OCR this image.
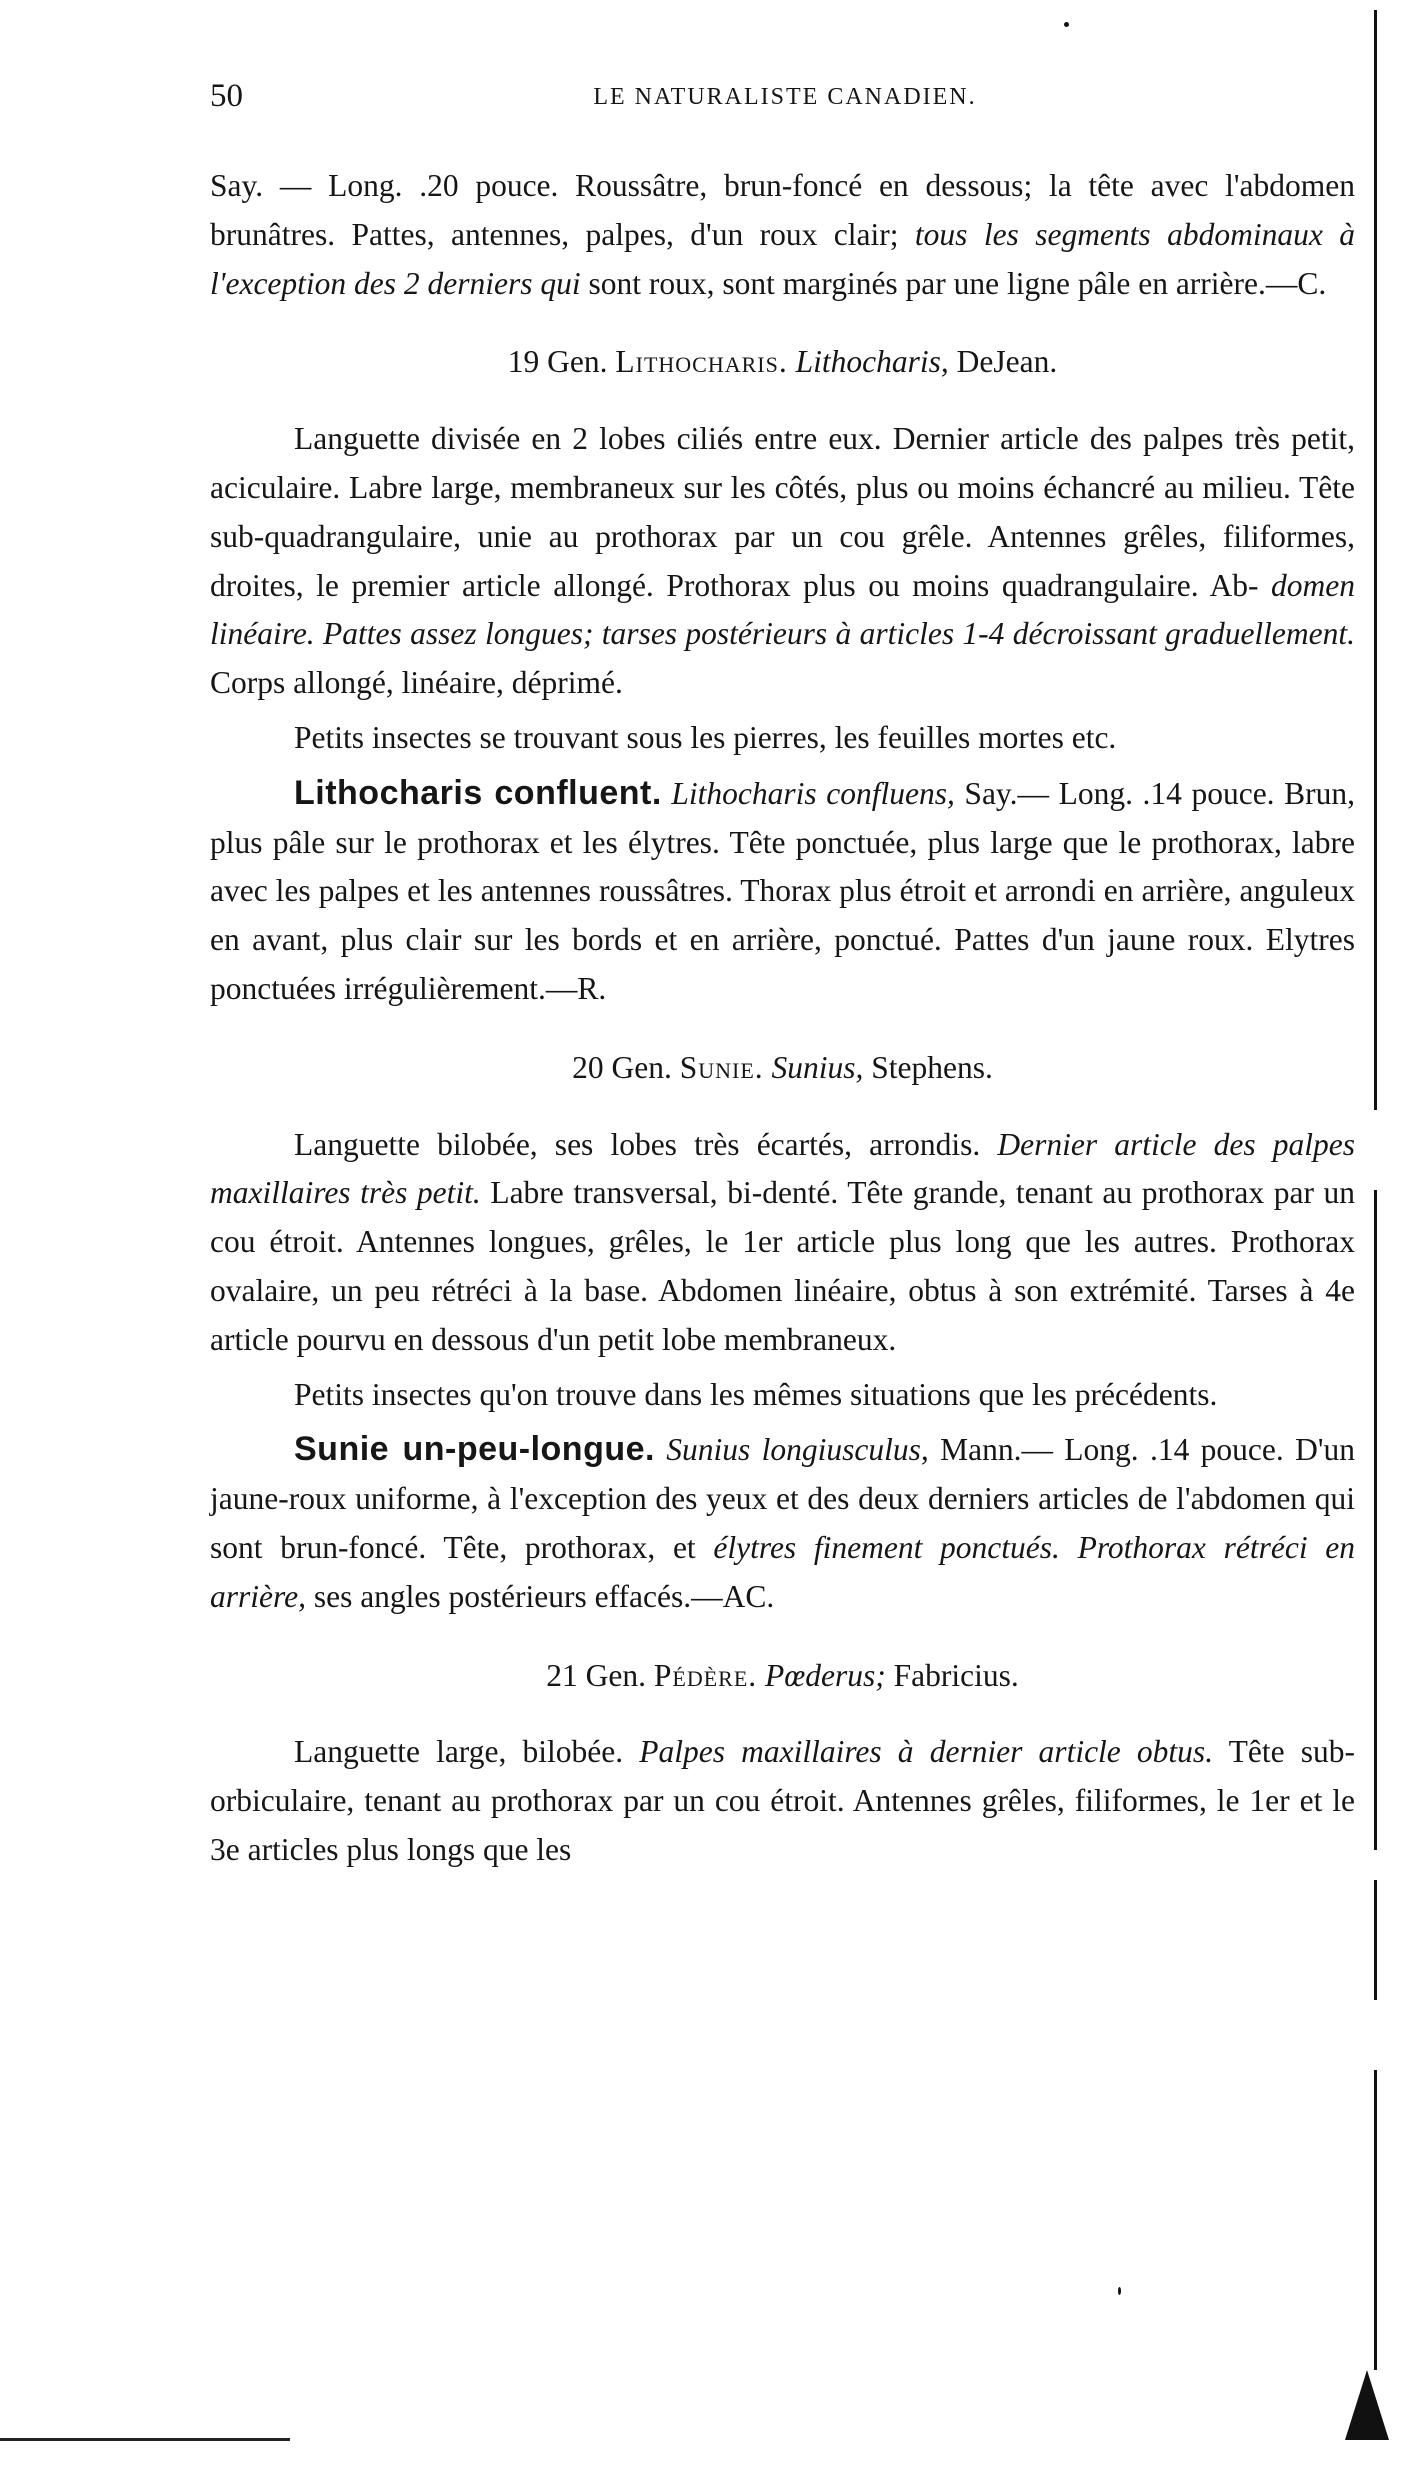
50	LE NATURALISTE CANADIEN.

Say. — Long. .20 pouce. Roussâtre, brun-foncé en dessous; la tête avec l'abdomen brunâtres. Pattes, antennes, palpes, d'un roux clair; tous les segments abdominaux à l'exception des 2 derniers qui sont roux, sont marginés par une ligne pâle en arrière.—C.

19 Gen. Lithocharis. Lithocharis, DeJean.

Languette divisée en 2 lobes ciliés entre eux. Dernier article des palpes très petit, aciculaire. Labre large, membraneux sur les côtés, plus ou moins échancré au milieu. Tête sub-quadrangulaire, unie au prothorax par un cou grêle. Antennes grêles, filiformes, droites, le premier article allongé. Prothorax plus ou moins quadrangulaire. Ab- domen linéaire. Pattes assez longues; tarses postérieurs à articles 1-4 décroissant graduellement. Corps allongé, linéaire, déprimé.

Petits insectes se trouvant sous les pierres, les feuilles mortes etc.

Lithocharis confluent. Lithocharis confluens, Say.— Long. .14 pouce. Brun, plus pâle sur le prothorax et les élytres. Tête ponctuée, plus large que le prothorax, labre avec les palpes et les antennes roussâtres. Thorax plus étroit et arrondi en arrière, anguleux en avant, plus clair sur les bords et en arrière, ponctué. Pattes d'un jaune roux. Elytres ponctuées irrégulièrement.—R.

20 Gen. Sunie. Sunius, Stephens.

Languette bilobée, ses lobes très écartés, arrondis. Dernier article des palpes maxillaires très petit. Labre transversal, bi-denté. Tête grande, tenant au prothorax par un cou étroit. Antennes longues, grêles, le 1er article plus long que les autres. Prothorax ovalaire, un peu rétréci à la base. Abdomen linéaire, obtus à son extrémité. Tarses à 4e article pourvu en dessous d'un petit lobe membraneux.

Petits insectes qu'on trouve dans les mêmes situations que les précédents.

Sunie un-peu-longue. Sunius longiusculus, Mann.— Long. .14 pouce. D'un jaune-roux uniforme, à l'exception des yeux et des deux derniers articles de l'abdomen qui sont brun-foncé. Tête, prothorax, et élytres finement ponctués. Prothorax rétréci en arrière, ses angles postérieurs effacés.—AC.

21 Gen. Pédère. Pœderus; Fabricius.

Languette large, bilobée. Palpes maxillaires à dernier article obtus. Tête sub-orbiculaire, tenant au prothorax par un cou étroit. Antennes grêles, filiformes, le 1er et le 3e articles plus longs que les
